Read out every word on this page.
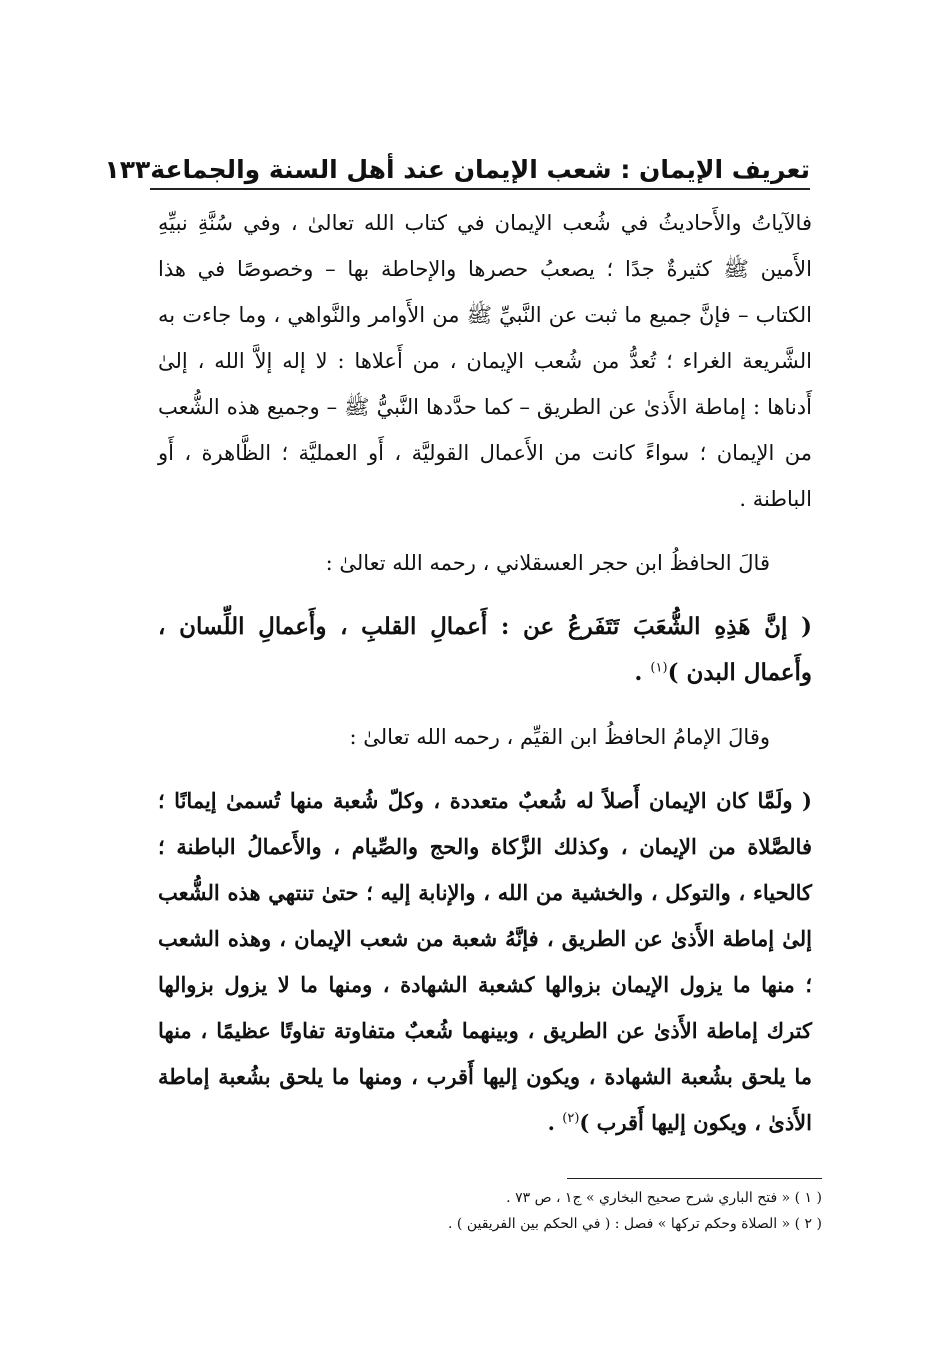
تعريف الإيمان : شعب الإيمان عند أهل السنة والجماعة
١٣٣

فالآياتُ والأَحاديثُ في شُعب الإيمان في كتاب الله تعالىٰ ، وفي سُنَّةِ نبيِّهِ الأَمين ﷺ كثيرةٌ جدًا ؛ يصعبُ حصرها والإحاطة بها – وخصوصًا في هذا الكتاب – فإنَّ جميع ما ثبت عن النَّبيِّ ﷺ من الأَوامر والنَّواهي ، وما جاءت به الشَّريعة الغراء ؛ تُعدُّ من شُعب الإيمان ، من أَعلاها : لا إله إلاَّ الله ، إلىٰ أَدناها : إماطة الأَذىٰ عن الطريق – كما حدَّدها النَّبيُّ ﷺ – وجميع هذه الشُّعب من الإيمان ؛ سواءً كانت من الأَعمال القوليَّة ، أَو العمليَّة ؛ الظَّاهرة ، أَو الباطنة .

قالَ الحافظُ ابن حجر العسقلاني ، رحمه الله تعالىٰ :

( إنَّ هَذِهِ الشُّعَبَ تَتَفَرعُ عن : أَعمالِ القلبِ ، وأَعمالِ اللِّسان ، وأَعمال البدن )$^{(١)}$ .

وقالَ الإمامُ الحافظُ ابن القيِّم ، رحمه الله تعالىٰ :

( ولَمَّا كان الإيمان أَصلاً له شُعبٌ متعددة ، وكلّ شُعبة منها تُسمىٰ إيمانًا ؛ فالصَّلاة من الإيمان ، وكذلك الزَّكاة والحج والصِّيام ، والأَعمالُ الباطنة ؛ كالحياء ، والتوكل ، والخشية من الله ، والإنابة إليه ؛ حتىٰ تنتهي هذه الشُّعب إلىٰ إماطة الأَذىٰ عن الطريق ، فإنَّهُ شعبة من شعب الإيمان ، وهذه الشعب ؛ منها ما يزول الإيمان بزوالها كشعبة الشهادة ، ومنها ما لا يزول بزوالها كترك إماطة الأَذىٰ عن الطريق ، وبينهما شُعبٌ متفاوتة تفاوتًا عظيمًا ، منها ما يلحق بشُعبة الشهادة ، ويكون إليها أَقرب ، ومنها ما يلحق بشُعبة إماطة الأَذىٰ ، ويكون إليها أَقرب )$^{(٢)}$ .

( ١ ) « فتح الباري شرح صحيح البخاري » ج١ ، ص ٧٣ .

( ٢ ) « الصلاة وحكم تركها » فصل : ( في الحكم بين الفريقين ) .
